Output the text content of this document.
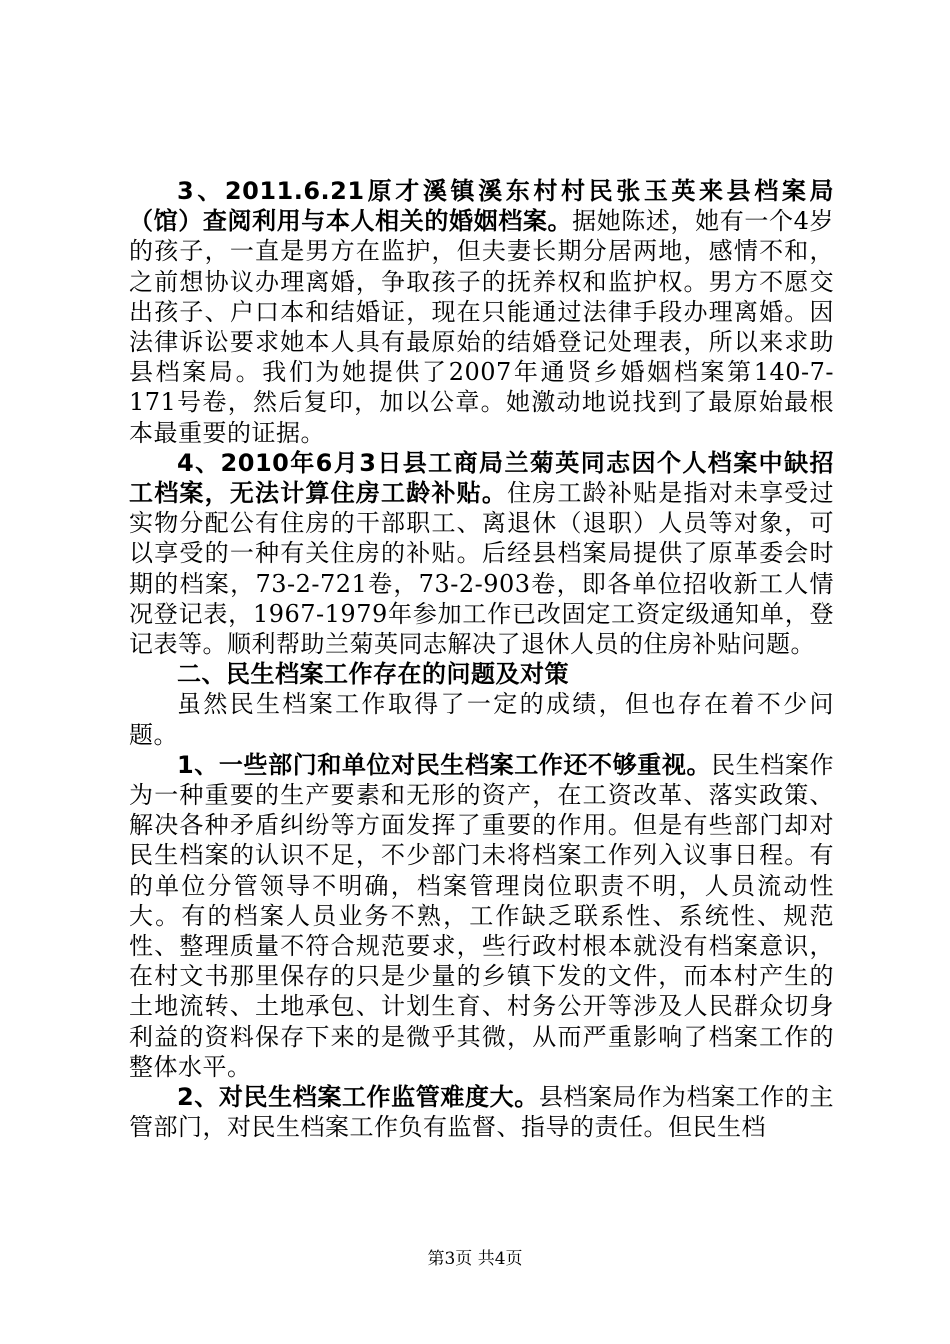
3、2011.6.21原才溪镇溪东村村民张玉英来县档案局（馆）查阅利用与本人相关的婚姻档案。据她陈述，她有一个4岁的孩子，一直是男方在监护，但夫妻长期分居两地，感情不和，之前想协议办理离婚，争取孩子的抚养权和监护权。男方不愿交出孩子、户口本和结婚证，现在只能通过法律手段办理离婚。因法律诉讼要求她本人具有最原始的结婚登记处理表，所以来求助县档案局。我们为她提供了2007年通贤乡婚姻档案第140-7-171号卷，然后复印，加以公章。她激动地说找到了最原始最根本最重要的证据。

4、2010年6月3日县工商局兰菊英同志因个人档案中缺招工档案，无法计算住房工龄补贴。住房工龄补贴是指对未享受过实物分配公有住房的干部职工、离退休（退职）人员等对象，可以享受的一种有关住房的补贴。后经县档案局提供了原革委会时期的档案，73-2-721卷，73-2-903卷，即各单位招收新工人情况登记表，1967-1979年参加工作已改固定工资定级通知单，登记表等。顺利帮助兰菊英同志解决了退休人员的住房补贴问题。

二、民生档案工作存在的问题及对策

虽然民生档案工作取得了一定的成绩，但也存在着不少问题。

1、一些部门和单位对民生档案工作还不够重视。民生档案作为一种重要的生产要素和无形的资产，在工资改革、落实政策、解决各种矛盾纠纷等方面发挥了重要的作用。但是有些部门却对民生档案的认识不足，不少部门未将档案工作列入议事日程。有的单位分管领导不明确，档案管理岗位职责不明，人员流动性大。有的档案人员业务不熟，工作缺乏联系性、系统性、规范性、整理质量不符合规范要求，些行政村根本就没有档案意识，在村文书那里保存的只是少量的乡镇下发的文件，而本村产生的土地流转、土地承包、计划生育、村务公开等涉及人民群众切身利益的资料保存下来的是微乎其微，从而严重影响了档案工作的整体水平。

2、对民生档案工作监管难度大。县档案局作为档案工作的主管部门，对民生档案工作负有监督、指导的责任。但民生档

第3页 共4页
